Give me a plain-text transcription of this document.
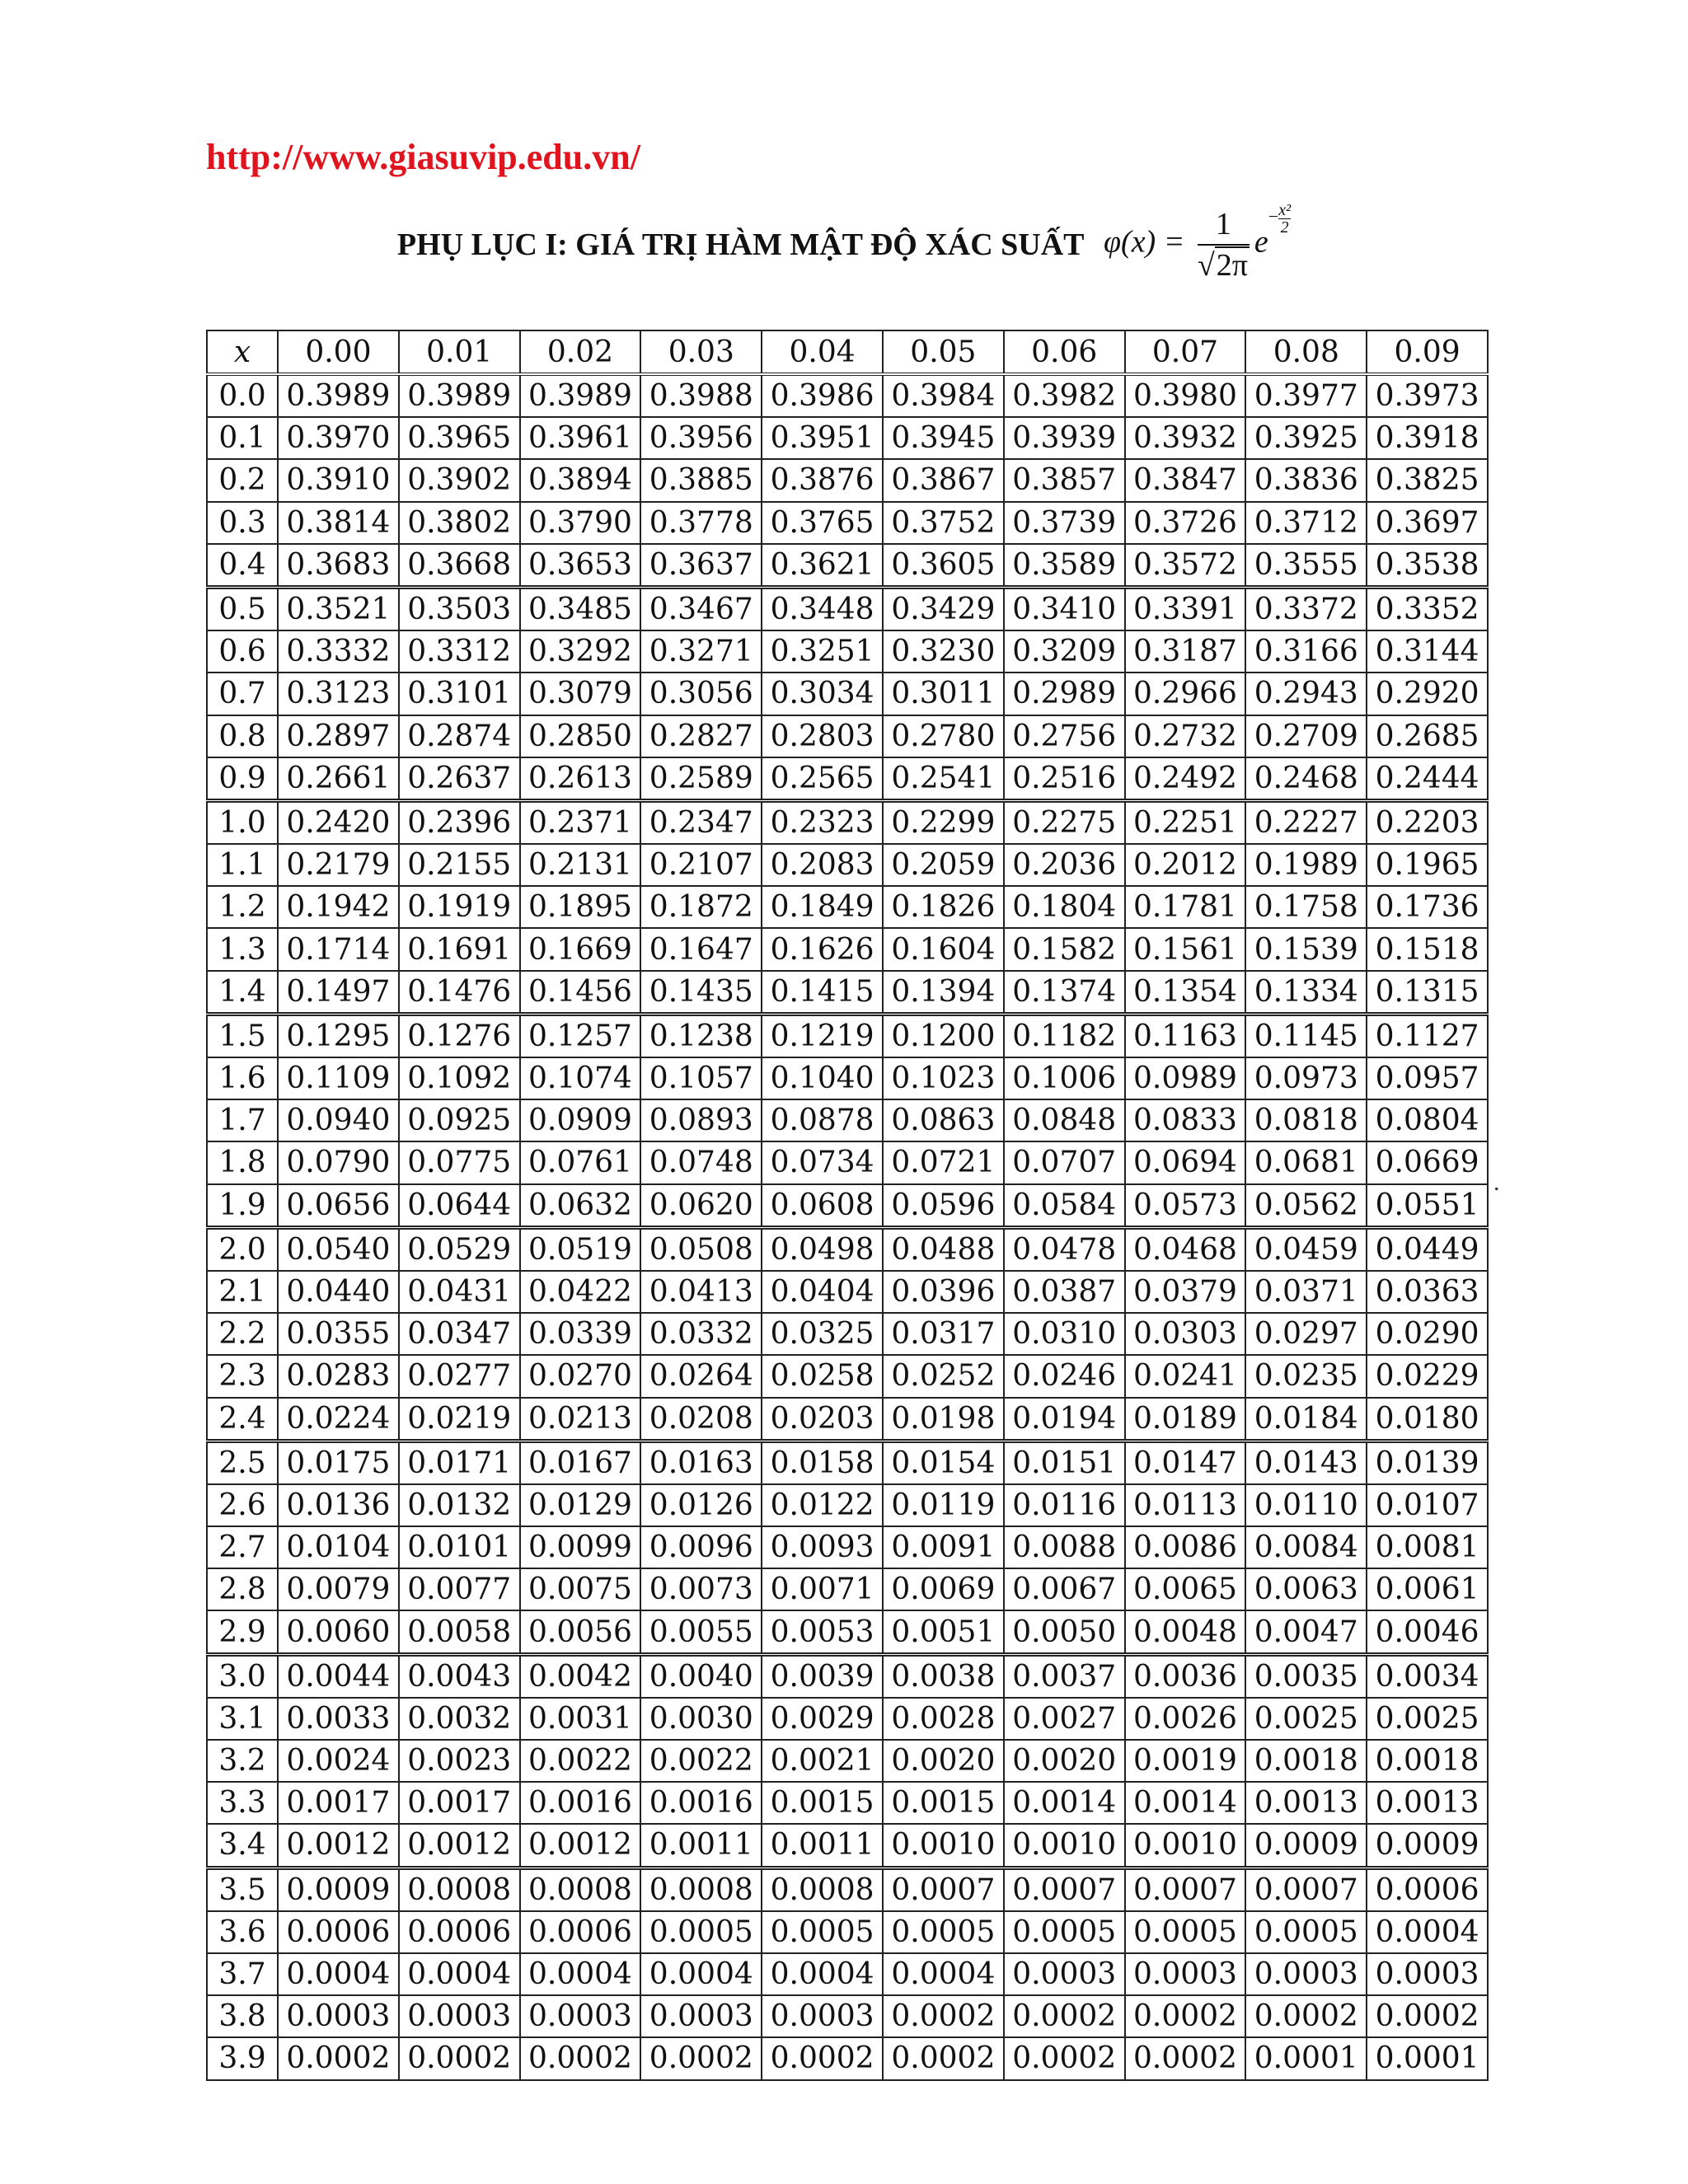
http://www.giasuvip.edu.vn/
PHỤ LỤC I: GIÁ TRỊ HÀM MẬT ĐỘ XÁC SUẤT $\varphi(x) = \frac{1}{√2\pi} e^{- \frac{\text{x²}}{2}}$
x	0.00	0.01	0.02	0.03	0.04	0.05	0.06	0.07	0.08	0.09
0.0	0.3989	0.3989	0.3989	0.3988	0.3986	0.3984	0.3982	0.3980	0.3977	0.3973
0.1	0.3970	0.3965	0.3961	0.3956	0.3951	0.3945	0.3939	0.3932	0.3925	0.3918
0.2	0.3910	0.3902	0.3894	0.3885	0.3876	0.3867	0.3857	0.3847	0.3836	0.3825
0.3	0.3814	0.3802	0.3790	0.3778	0.3765	0.3752	0.3739	0.3726	0.3712	0.3697
0.4	0.3683	0.3668	0.3653	0.3637	0.3621	0.3605	0.3589	0.3572	0.3555	0.3538
0.5	0.3521	0.3503	0.3485	0.3467	0.3448	0.3429	0.3410	0.3391	0.3372	0.3352
0.6	0.3332	0.3312	0.3292	0.3271	0.3251	0.3230	0.3209	0.3187	0.3166	0.3144
0.7	0.3123	0.3101	0.3079	0.3056	0.3034	0.3011	0.2989	0.2966	0.2943	0.2920
0.8	0.2897	0.2874	0.2850	0.2827	0.2803	0.2780	0.2756	0.2732	0.2709	0.2685
0.9	0.2661	0.2637	0.2613	0.2589	0.2565	0.2541	0.2516	0.2492	0.2468	0.2444
1.0	0.2420	0.2396	0.2371	0.2347	0.2323	0.2299	0.2275	0.2251	0.2227	0.2203
1.1	0.2179	0.2155	0.2131	0.2107	0.2083	0.2059	0.2036	0.2012	0.1989	0.1965
1.2	0.1942	0.1919	0.1895	0.1872	0.1849	0.1826	0.1804	0.1781	0.1758	0.1736
1.3	0.1714	0.1691	0.1669	0.1647	0.1626	0.1604	0.1582	0.1561	0.1539	0.1518
1.4	0.1497	0.1476	0.1456	0.1435	0.1415	0.1394	0.1374	0.1354	0.1334	0.1315
1.5	0.1295	0.1276	0.1257	0.1238	0.1219	0.1200	0.1182	0.1163	0.1145	0.1127
1.6	0.1109	0.1092	0.1074	0.1057	0.1040	0.1023	0.1006	0.0989	0.0973	0.0957
1.7	0.0940	0.0925	0.0909	0.0893	0.0878	0.0863	0.0848	0.0833	0.0818	0.0804
1.8	0.0790	0.0775	0.0761	0.0748	0.0734	0.0721	0.0707	0.0694	0.0681	0.0669
1.9	0.0656	0.0644	0.0632	0.0620	0.0608	0.0596	0.0584	0.0573	0.0562	0.0551
2.0	0.0540	0.0529	0.0519	0.0508	0.0498	0.0488	0.0478	0.0468	0.0459	0.0449
2.1	0.0440	0.0431	0.0422	0.0413	0.0404	0.0396	0.0387	0.0379	0.0371	0.0363
2.2	0.0355	0.0347	0.0339	0.0332	0.0325	0.0317	0.0310	0.0303	0.0297	0.0290
2.3	0.0283	0.0277	0.0270	0.0264	0.0258	0.0252	0.0246	0.0241	0.0235	0.0229
2.4	0.0224	0.0219	0.0213	0.0208	0.0203	0.0198	0.0194	0.0189	0.0184	0.0180
2.5	0.0175	0.0171	0.0167	0.0163	0.0158	0.0154	0.0151	0.0147	0.0143	0.0139
2.6	0.0136	0.0132	0.0129	0.0126	0.0122	0.0119	0.0116	0.0113	0.0110	0.0107
2.7	0.0104	0.0101	0.0099	0.0096	0.0093	0.0091	0.0088	0.0086	0.0084	0.0081
2.8	0.0079	0.0077	0.0075	0.0073	0.0071	0.0069	0.0067	0.0065	0.0063	0.0061
2.9	0.0060	0.0058	0.0056	0.0055	0.0053	0.0051	0.0050	0.0048	0.0047	0.0046
3.0	0.0044	0.0043	0.0042	0.0040	0.0039	0.0038	0.0037	0.0036	0.0035	0.0034
3.1	0.0033	0.0032	0.0031	0.0030	0.0029	0.0028	0.0027	0.0026	0.0025	0.0025
3.2	0.0024	0.0023	0.0022	0.0022	0.0021	0.0020	0.0020	0.0019	0.0018	0.0018
3.3	0.0017	0.0017	0.0016	0.0016	0.0015	0.0015	0.0014	0.0014	0.0013	0.0013
3.4	0.0012	0.0012	0.0012	0.0011	0.0011	0.0010	0.0010	0.0010	0.0009	0.0009
3.5	0.0009	0.0008	0.0008	0.0008	0.0008	0.0007	0.0007	0.0007	0.0007	0.0006
3.6	0.0006	0.0006	0.0006	0.0005	0.0005	0.0005	0.0005	0.0005	0.0005	0.0004
3.7	0.0004	0.0004	0.0004	0.0004	0.0004	0.0004	0.0003	0.0003	0.0003	0.0003
3.8	0.0003	0.0003	0.0003	0.0003	0.0003	0.0002	0.0002	0.0002	0.0002	0.0002
3.9	0.0002	0.0002	0.0002	0.0002	0.0002	0.0002	0.0002	0.0002	0.0001	0.0001
.
